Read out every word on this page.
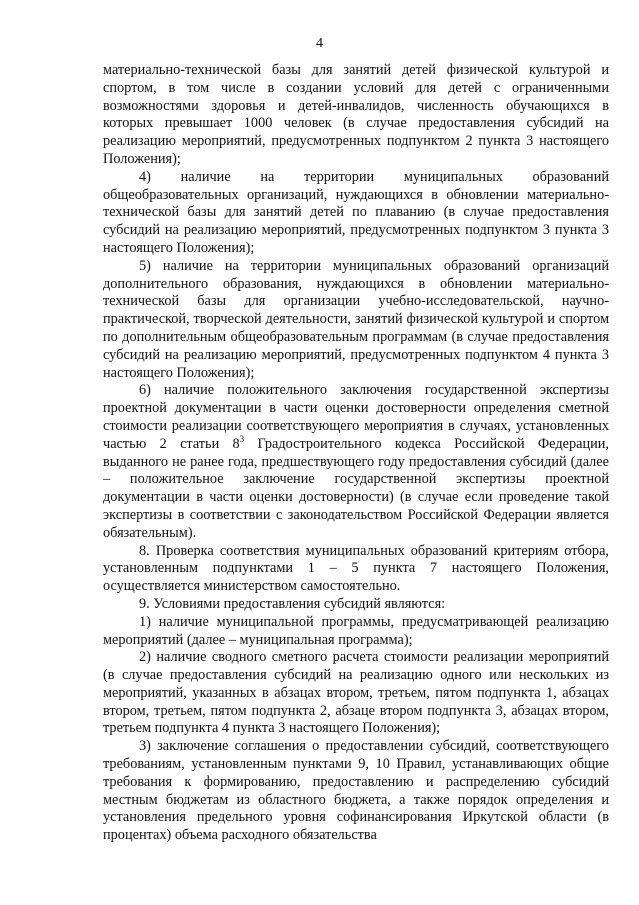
4

материально-технической базы для занятий детей физической культурой и спортом, в том числе в создании условий для детей с ограниченными возможностями здоровья и детей-инвалидов, численность обучающихся в которых превышает 1000 человек (в случае предоставления субсидий на реализацию мероприятий, предусмотренных подпунктом 2 пункта 3 настоящего Положения);

4) наличие на территории муниципальных образований общеобразовательных организаций, нуждающихся в обновлении материально-технической базы для занятий детей по плаванию (в случае предоставления субсидий на реализацию мероприятий, предусмотренных подпунктом 3 пункта 3 настоящего Положения);

5) наличие на территории муниципальных образований организаций дополнительного образования, нуждающихся в обновлении материально-технической базы для организации учебно-исследовательской, научно-практической, творческой деятельности, занятий физической культурой и спортом по дополнительным общеобразовательным программам (в случае предоставления субсидий на реализацию мероприятий, предусмотренных подпунктом 4 пункта 3 настоящего Положения);

6) наличие положительного заключения государственной экспертизы проектной документации в части оценки достоверности определения сметной стоимости реализации соответствующего мероприятия в случаях, установленных частью 2 статьи $8^3$ Градостроительного кодекса Российской Федерации, выданного не ранее года, предшествующего году предоставления субсидий (далее – положительное заключение государственной экспертизы проектной документации в части оценки достоверности) (в случае если проведение такой экспертизы в соответствии с законодательством Российской Федерации является обязательным).

8. Проверка соответствия муниципальных образований критериям отбора, установленным подпунктами 1 – 5 пункта 7 настоящего Положения, осуществляется министерством самостоятельно.

9. Условиями предоставления субсидий являются:

1) наличие муниципальной программы, предусматривающей реализацию мероприятий (далее – муниципальная программа);

2) наличие сводного сметного расчета стоимости реализации мероприятий (в случае предоставления субсидий на реализацию одного или нескольких из мероприятий, указанных в абзацах втором, третьем, пятом подпункта 1, абзацах втором, третьем, пятом подпункта 2, абзаце втором подпункта 3, абзацах втором, третьем подпункта 4 пункта 3 настоящего Положения);

3) заключение соглашения о предоставлении субсидий, соответствующего требованиям, установленным пунктами 9, 10 Правил, устанавливающих общие требования к формированию, предоставлению и распределению субсидий местным бюджетам из областного бюджета, а также порядок определения и установления предельного уровня софинансирования Иркутской области (в процентах) объема расходного обязательства
